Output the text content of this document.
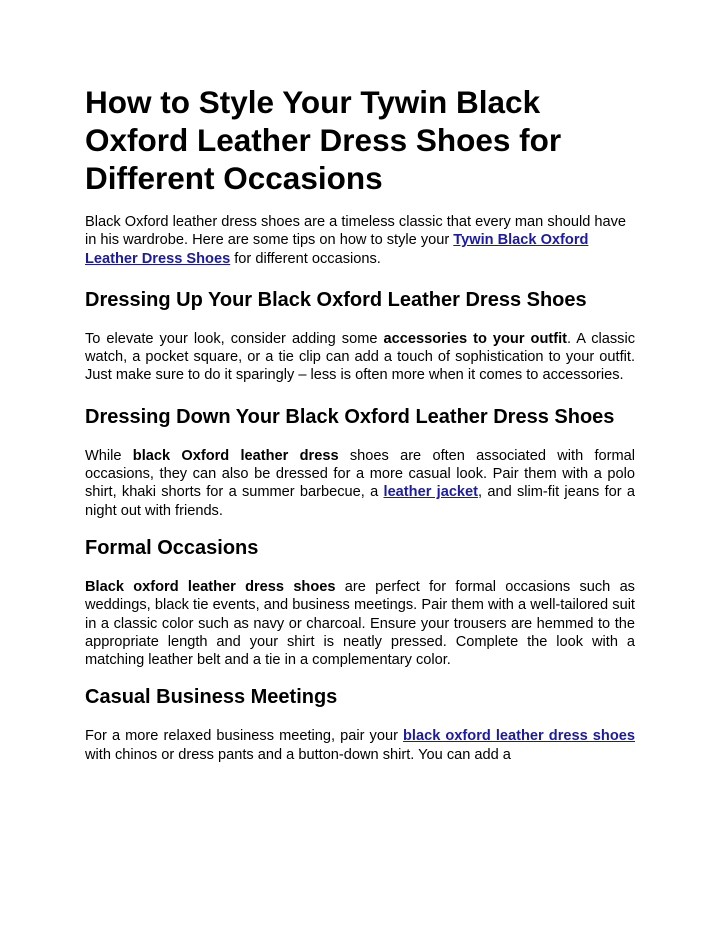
How to Style Your Tywin Black Oxford Leather Dress Shoes for Different Occasions

Black Oxford leather dress shoes are a timeless classic that every man should have in his wardrobe. Here are some tips on how to style your Tywin Black Oxford Leather Dress Shoes for different occasions.

Dressing Up Your Black Oxford Leather Dress Shoes

To elevate your look, consider adding some accessories to your outfit. A classic watch, a pocket square, or a tie clip can add a touch of sophistication to your outfit. Just make sure to do it sparingly – less is often more when it comes to accessories.

Dressing Down Your Black Oxford Leather Dress Shoes

While black Oxford leather dress shoes are often associated with formal occasions, they can also be dressed for a more casual look. Pair them with a polo shirt, khaki shorts for a summer barbecue, a leather jacket, and slim-fit jeans for a night out with friends.

Formal Occasions

Black oxford leather dress shoes are perfect for formal occasions such as weddings, black tie events, and business meetings. Pair them with a well-tailored suit in a classic color such as navy or charcoal. Ensure your trousers are hemmed to the appropriate length and your shirt is neatly pressed. Complete the look with a matching leather belt and a tie in a complementary color.

Casual Business Meetings

For a more relaxed business meeting, pair your black oxford leather dress shoes with chinos or dress pants and a button-down shirt. You can add a
